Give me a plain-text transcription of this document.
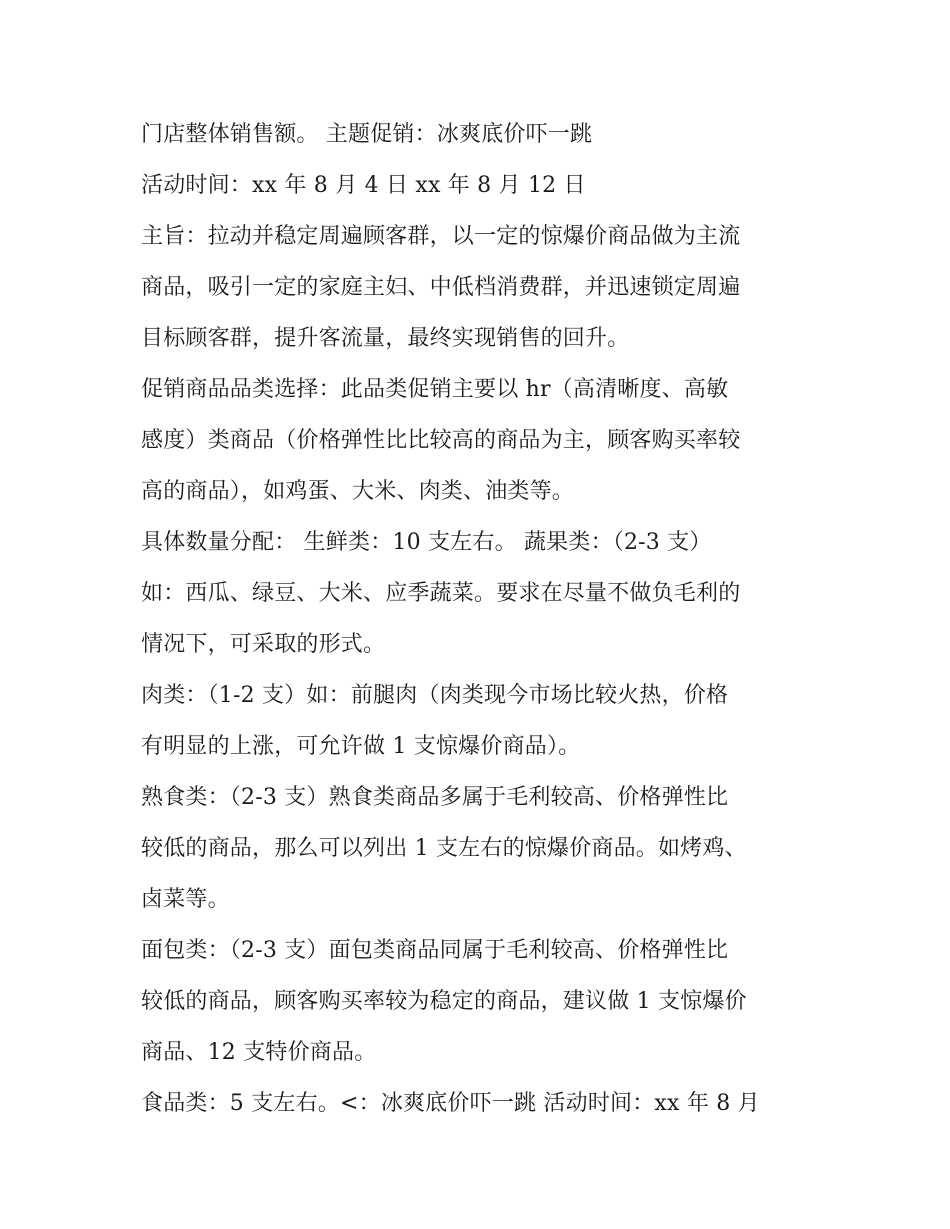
门店整体销售额。 主题促销：冰爽底价吓一跳
活动时间：xx 年 8 月 4 日 xx 年 8 月 12 日
主旨：拉动并稳定周遍顾客群，以一定的惊爆价商品做为主流
商品，吸引一定的家庭主妇、中低档消费群，并迅速锁定周遍
目标顾客群，提升客流量，最终实现销售的回升。
促销商品品类选择：此品类促销主要以 hr（高清晰度、高敏
感度）类商品（价格弹性比比较高的商品为主，顾客购买率较
高的商品），如鸡蛋、大米、肉类、油类等。
具体数量分配： 生鲜类：10 支左右。 蔬果类：（2-3 支）
如：西瓜、绿豆、大米、应季蔬菜。要求在尽量不做负毛利的
情况下，可采取的形式。
肉类：（1-2 支）如：前腿肉（肉类现今市场比较火热，价格
有明显的上涨，可允许做 1 支惊爆价商品）。
熟食类：（2-3 支）熟食类商品多属于毛利较高、价格弹性比
较低的商品，那么可以列出 1 支左右的惊爆价商品。如烤鸡、
卤菜等。
面包类：（2-3 支）面包类商品同属于毛利较高、价格弹性比
较低的商品，顾客购买率较为稳定的商品，建议做 1 支惊爆价
商品、12 支特价商品。
食品类：5 支左右。<：冰爽底价吓一跳 活动时间：xx 年 8 月
